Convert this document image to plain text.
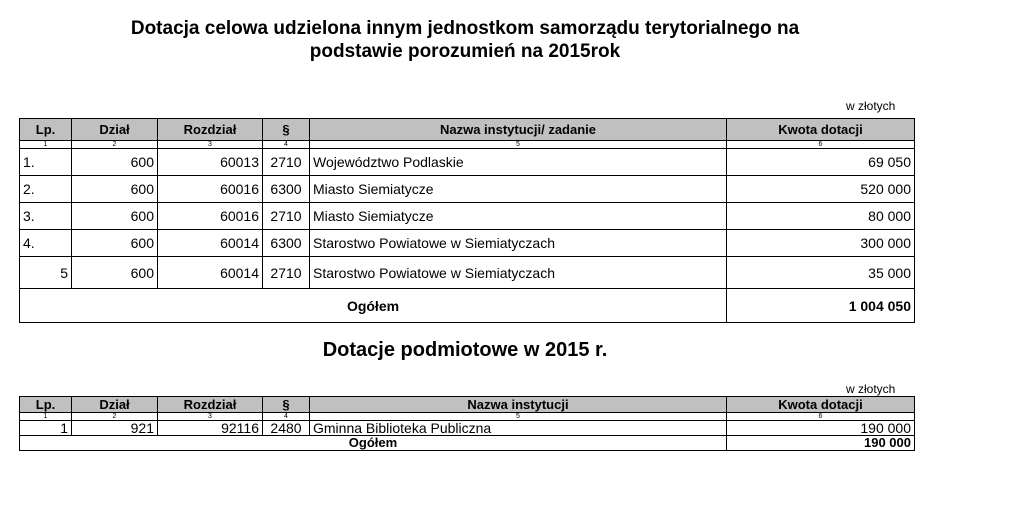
Dotacja celowa udzielona innym jednostkom samorządu terytorialnego na
podstawie porozumień na 2015rok
w złotych
Lp.	Dział	Rozdział	§	Nazwa instytucji/ zadanie	Kwota dotacji
1	2	3	4	5	6
1.	600	60013	2710	Województwo Podlaskie	69 050
2.	600	60016	6300	Miasto Siemiatycze	520 000
3.	600	60016	2710	Miasto Siemiatycze	80 000
4.	600	60014	6300	Starostwo Powiatowe w Siemiatyczach	300 000
5	600	60014	2710	Starostwo Powiatowe w Siemiatyczach	35 000
Ogółem					1 004 050
Dotacje podmiotowe w 2015 r.
w złotych
Lp.	Dział	Rozdział	§	Nazwa instytucji	Kwota dotacji
1	2	3	4	5	6
1	921	92116	2480	Gminna Biblioteka Publiczna	190 000
Ogółem					190 000
